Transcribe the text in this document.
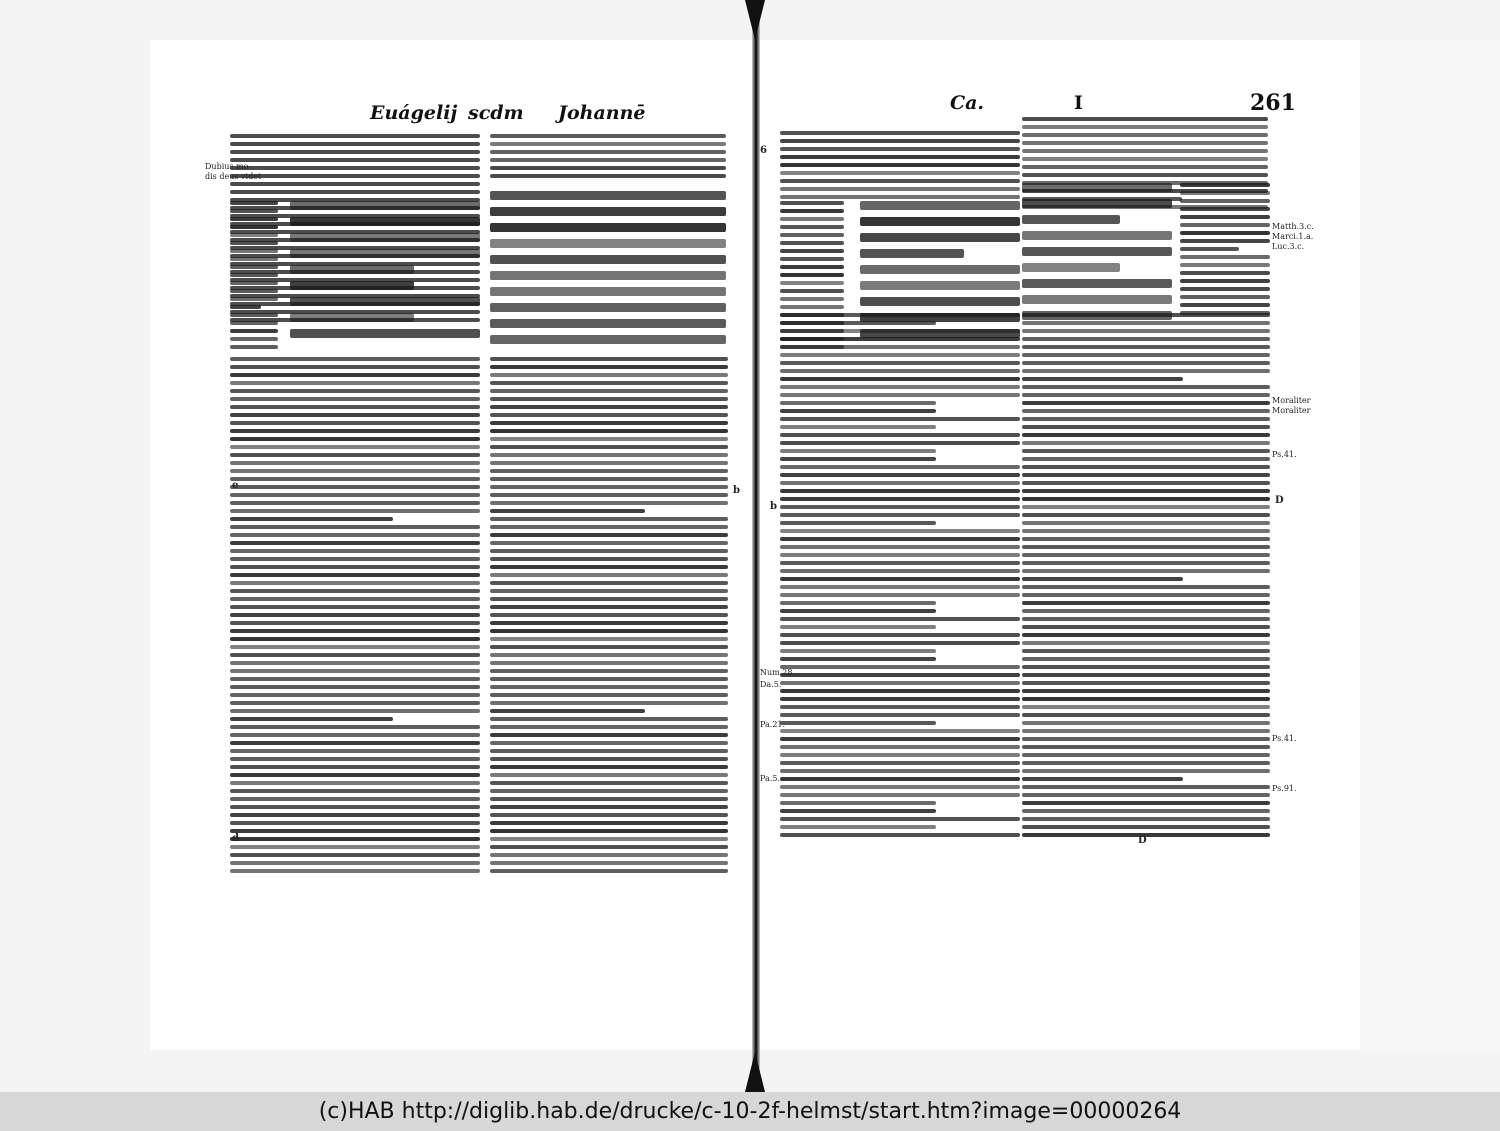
Euágelij scdm Johannē
Dubius mo-
dis deus videt
e
d
b
Ca.	I	261
6
b
Matth.3.c.
Marci.1.a.
Luc.3.c.
Moraliter
Moraliter
Ps.41.
D
Ps.41.
Ps.91.
D
Num.28.
Da.5.
Pa.21.
Pa.5.
(c)HAB http://diglib.hab.de/drucke/c-10-2f-helmst/start.htm?image=00000264
